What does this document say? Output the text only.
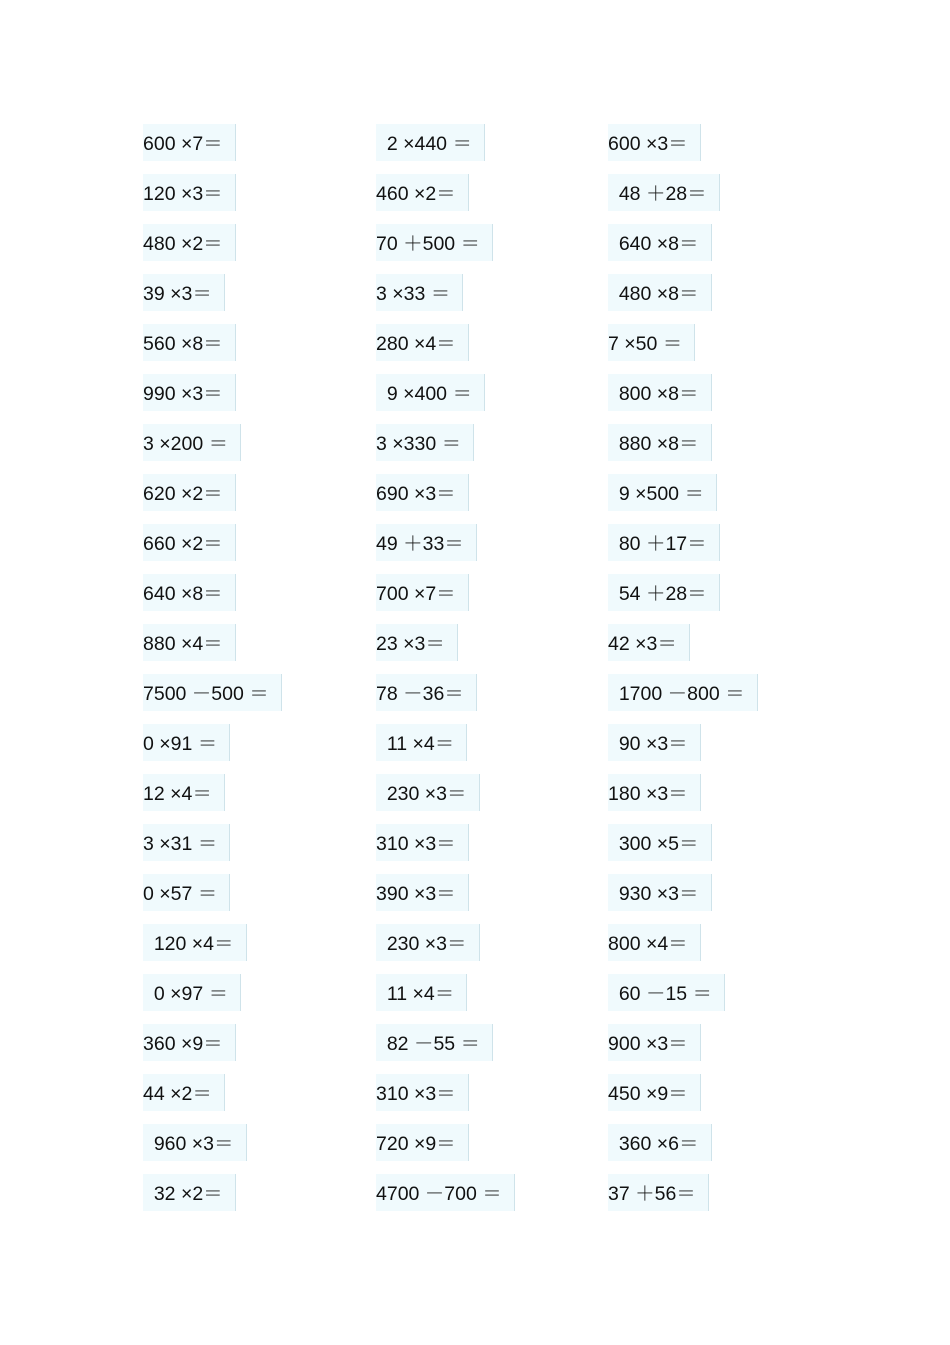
600 ×7＝
120 ×3＝
480 ×2＝
39 ×3＝
560 ×8＝
990 ×3＝
3 ×200 ＝
620 ×2＝
660 ×2＝
640 ×8＝
880 ×4＝
7500 －500 ＝
0 ×91 ＝
12 ×4＝
3 ×31 ＝
0 ×57 ＝
120 ×4＝
0 ×97 ＝
360 ×9＝
44 ×2＝
960 ×3＝
32 ×2＝
2 ×440 ＝
460 ×2＝
70 ＋500 ＝
3 ×33 ＝
280 ×4＝
9 ×400 ＝
3 ×330 ＝
690 ×3＝
49 ＋33＝
700 ×7＝
23 ×3＝
78 －36＝
11 ×4＝
230 ×3＝
310 ×3＝
390 ×3＝
230 ×3＝
11 ×4＝
82 －55 ＝
310 ×3＝
720 ×9＝
4700 －700 ＝
600 ×3＝
48 ＋28＝
640 ×8＝
480 ×8＝
7 ×50 ＝
800 ×8＝
880 ×8＝
9 ×500 ＝
80 ＋17＝
54 ＋28＝
42 ×3＝
1700 －800 ＝
90 ×3＝
180 ×3＝
300 ×5＝
930 ×3＝
800 ×4＝
60 －15 ＝
900 ×3＝
450 ×9＝
360 ×6＝
37 ＋56＝
